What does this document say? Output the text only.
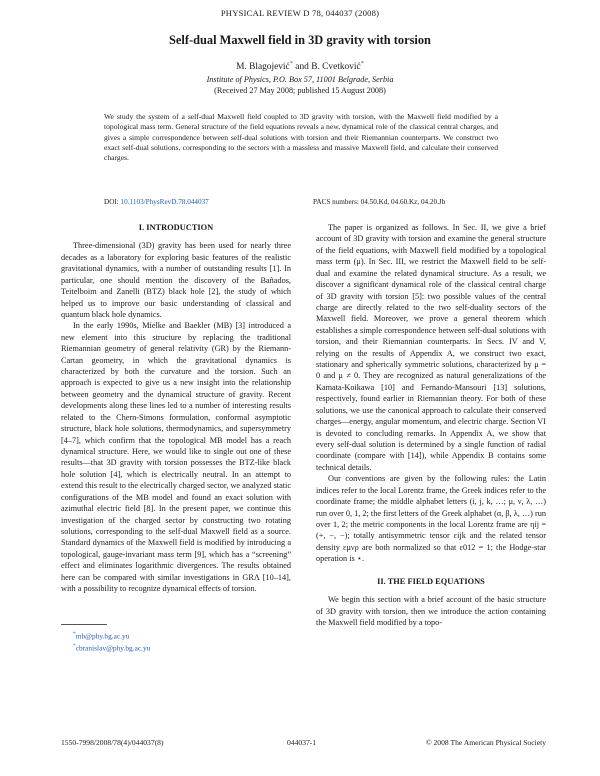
PHYSICAL REVIEW D 78, 044037 (2008)
Self-dual Maxwell field in 3D gravity with torsion
M. Blagojević* and B. Cvetković*
Institute of Physics, P.O. Box 57, 11001 Belgrade, Serbia
(Received 27 May 2008; published 15 August 2008)
We study the system of a self-dual Maxwell field coupled to 3D gravity with torsion, with the Maxwell field modified by a topological mass term. General structure of the field equations reveals a new, dynamical role of the classical central charges, and gives a simple correspondence between self-dual solutions with torsion and their Riemannian counterparts. We construct two exact self-dual solutions, corresponding to the sectors with a massless and massive Maxwell field, and calculate their conserved charges.
DOI: 10.1103/PhysRevD.78.044037	PACS numbers: 04.50.Kd, 04.60.Kz, 04.20.Jb
I. INTRODUCTION

Three-dimensional (3D) gravity has been used for nearly three decades as a laboratory for exploring basic features of the realistic gravitational dynamics, with a number of outstanding results [1]. In particular, one should mention the discovery of the Bañados, Teitelboim and Zanelli (BTZ) black hole [2], the study of which helped us to improve our basic understanding of classical and quantum black hole dynamics.

In the early 1990s, Mielke and Baekler (MB) [3] introduced a new element into this structure by replacing the traditional Riemannian geometry of general relativity (GR) by the Riemann-Cartan geometry, in which the gravitational dynamics is characterized by both the curvature and the torsion. Such an approach is expected to give us a new insight into the relationship between geometry and the dynamical structure of gravity. Recent developments along these lines led to a number of interesting results related to the Chern-Simons formulation, conformal asymptotic structure, black hole solutions, thermodynamics, and supersymmetry [4–7], which confirm that the topological MB model has a reach dynamical structure. Here, we would like to single out one of these results—that 3D gravity with torsion possesses the BTZ-like black hole solution [4], which is electrically neutral. In an attempt to extend this result to the electrically charged sector, we analyzed static configurations of the MB model and found an exact solution with azimuthal electric field [8]. In the present paper, we continue this investigation of the charged sector by constructing two rotating solutions, corresponding to the self-dual Maxwell field as a source. Standard dynamics of the Maxwell field is modified by introducing a topological, gauge-invariant mass term [9], which has a “screening” effect and eliminates logarithmic divergences. The results obtained here can be compared with similar investigations in GRΛ [10–14], with a possibility to recognize dynamical effects of torsion.

The paper is organized as follows. In Sec. II, we give a brief account of 3D gravity with torsion and examine the general structure of the field equations, with Maxwell field modified by a topological mass term (μ). In Sec. III, we restrict the Maxwell field to be self-dual and examine the related dynamical structure. As a result, we discover a significant dynamical role of the classical central charge of 3D gravity with torsion [5]: two possible values of the central charge are directly related to the two self-duality sectors of the Maxwell field. Moreover, we prove a general theorem which establishes a simple correspondence between self-dual solutions with torsion, and their Riemannian counterparts. In Secs. IV and V, relying on the results of Appendix A, we construct two exact, stationary and spherically symmetric solutions, characterized by μ = 0 and μ ≠ 0. They are recognized as natural generalizations of the Kamata-Koikawa [10] and Fernando-Mansouri [13] solutions, respectively, found earlier in Riemannian theory. For both of these solutions, we use the canonical approach to calculate their conserved charges—energy, angular momentum, and electric charge. Section VI is devoted to concluding remarks. In Appendix A, we show that every self-dual solution is determined by a single function of radial coordinate (compare with [14]), while Appendix B contains some technical details.

Our conventions are given by the following rules: the Latin indices refer to the local Lorentz frame, the Greek indices refer to the coordinate frame; the middle alphabet letters (i, j, k, …; μ, ν, λ, …) run over 0, 1, 2; the first letters of the Greek alphabet (α, β, λ, …) run over 1, 2; the metric components in the local Lorentz frame are ηij = (+, −, −); totally antisymmetric tensor εijk and the related tensor density εμνρ are both normalized so that ε012 = 1; the Hodge-star operation is ⋆.

II. THE FIELD EQUATIONS

We begin this section with a brief account of the basic structure of 3D gravity with torsion, then we introduce the action containing the Maxwell field modified by a topo-

*mb@phy.bg.ac.yu
*cbranislav@phy.bg.ac.yu
1550-7998/2008/78(4)/044037(8)	044037-1	© 2008 The American Physical Society
